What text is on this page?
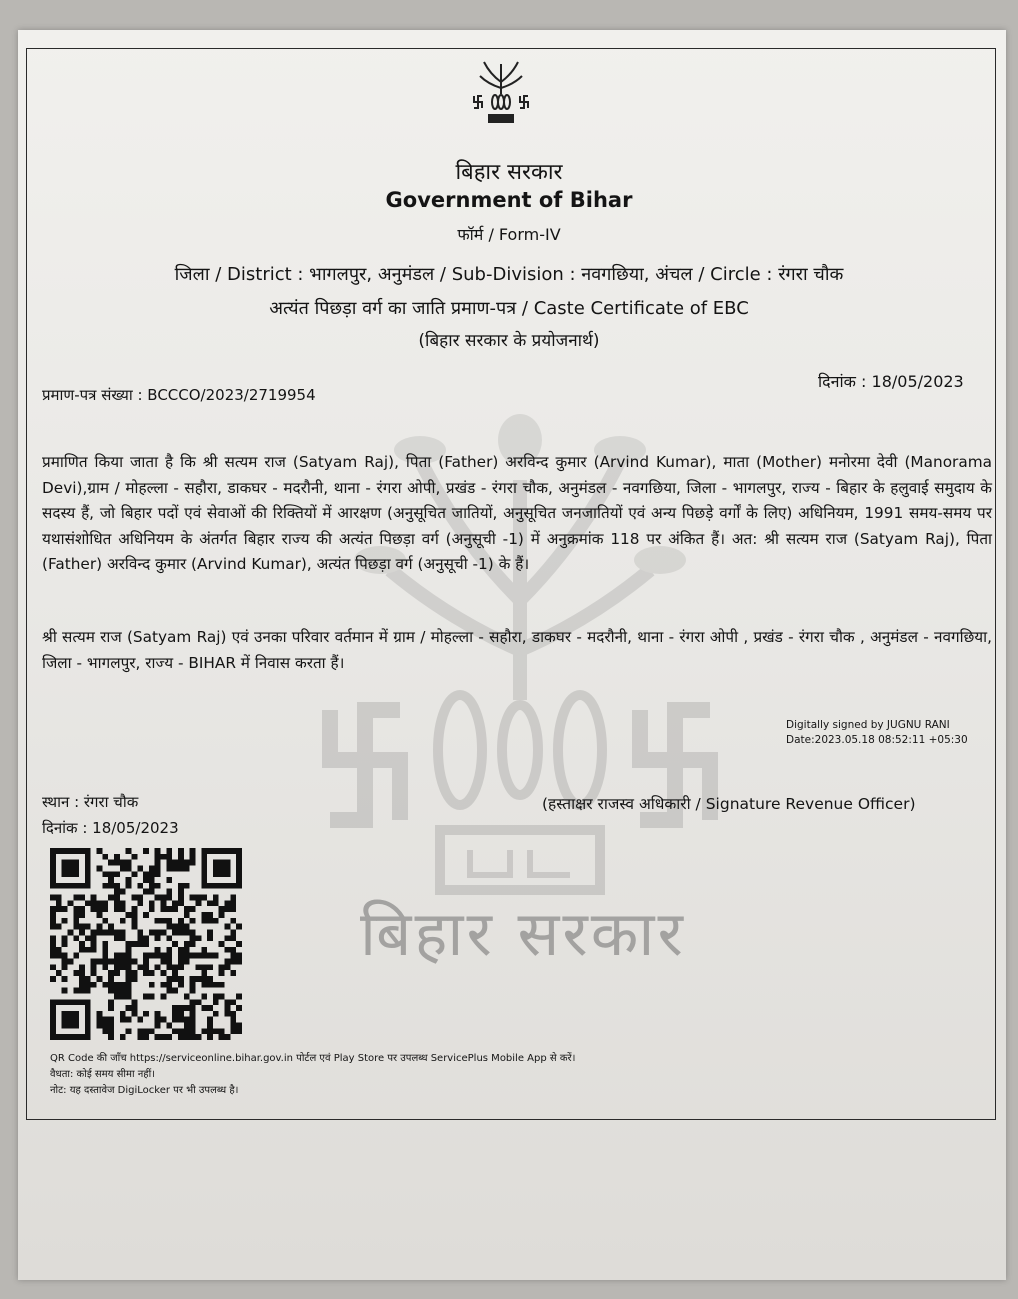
बिहार सरकार
बिहार सरकार
Government of Bihar
फॉर्म / Form-IV
जिला / District : भागलपुर, अनुमंडल / Sub-Division : नवगछिया, अंचल / Circle : रंगरा चौक
अत्यंत पिछड़ा वर्ग का जाति प्रमाण-पत्र / Caste Certificate of EBC
(बिहार सरकार के प्रयोजनार्थ)
प्रमाण-पत्र संख्या : BCCCO/2023/2719954
दिनांक : 18/05/2023
प्रमाणित किया जाता है कि श्री सत्यम राज (Satyam Raj), पिता (Father) अरविन्द कुमार (Arvind Kumar), माता (Mother) मनोरमा देवी (Manorama Devi),ग्राम / मोहल्ला - सहौरा, डाकघर - मदरौनी, थाना - रंगरा ओपी, प्रखंड - रंगरा चौक, अनुमंडल - नवगछिया, जिला - भागलपुर, राज्य - बिहार के हलुवाई समुदाय के सदस्य हैं, जो बिहार पदों एवं सेवाओं की रिक्तियों में आरक्षण (अनुसूचित जातियों, अनुसूचित जनजातियों एवं अन्य पिछड़े वर्गों के लिए) अधिनियम, 1991 समय-समय पर यथासंशोधित अधिनियम के अंतर्गत बिहार राज्य की अत्यंत पिछड़ा वर्ग (अनुसूची -1) में अनुक्रमांक 118 पर अंकित हैं। अत: श्री सत्यम राज (Satyam Raj), पिता (Father) अरविन्द कुमार (Arvind Kumar), अत्यंत पिछड़ा वर्ग (अनुसूची -1) के हैं।
श्री सत्यम राज (Satyam Raj) एवं उनका परिवार वर्तमान में ग्राम / मोहल्ला - सहौरा, डाकघर - मदरौनी, थाना - रंगरा ओपी , प्रखंड - रंगरा चौक , अनुमंडल - नवगछिया, जिला - भागलपुर, राज्य - BIHAR में निवास करता हैं।
Digitally signed by JUGNU RANI
Date:2023.05.18 08:52:11 +05:30
स्थान : रंगरा चौक
दिनांक : 18/05/2023
(हस्ताक्षर राजस्व अधिकारी / Signature Revenue Officer)
QR Code की जाँच https://serviceonline.bihar.gov.in पोर्टल एवं Play Store पर उपलब्ध ServicePlus Mobile App से करें।
वैधता: कोई समय सीमा नहीं।
नोट: यह दस्तावेज DigiLocker पर भी उपलब्ध है।
